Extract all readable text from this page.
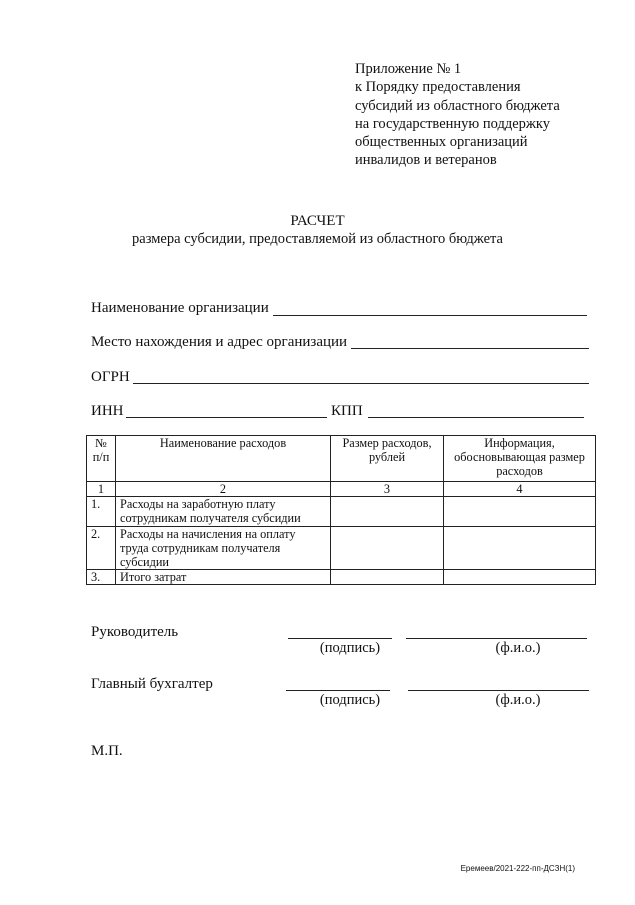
Приложение № 1
к Порядку предоставления
субсидий из областного бюджета
на государственную поддержку
общественных организаций
инвалидов и ветеранов
РАСЧЕТ
размера субсидии, предоставляемой из областного бюджета
Наименование организации
Место нахождения и адрес организации
ОГРН
ИНН	КПП
№ п/п	Наименование расходов	Размер расходов, рублей	Информация, обосновывающая размер расходов
1	2	3	4
1.	Расходы на заработную плату сотрудникам получателя субсидии		
2.	Расходы на начисления на оплату труда сотрудникам получателя субсидии		
3.	Итого затрат		
Руководитель
(подпись)	(ф.и.о.)
Главный бухгалтер
(подпись)	(ф.и.о.)
М.П.
Еремеев/2021-222-пп-ДСЗН(1)
